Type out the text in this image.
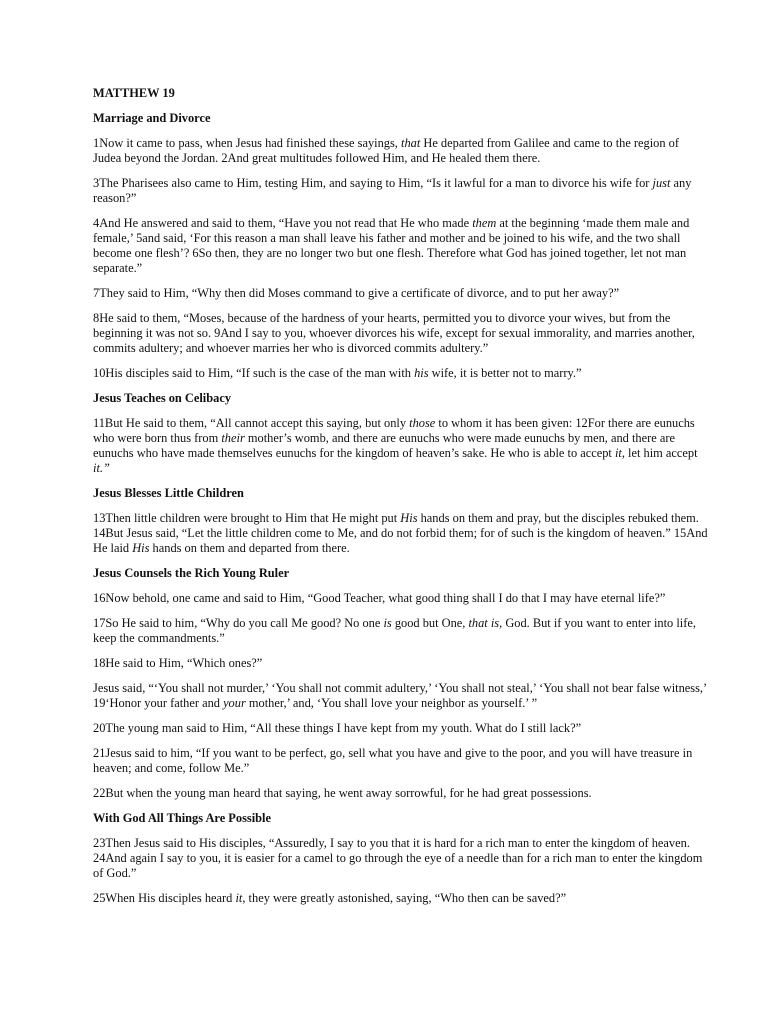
MATTHEW 19
Marriage and Divorce

1Now it came to pass, when Jesus had finished these sayings, that He departed from Galilee and came to the region of Judea beyond the Jordan. 2And great multitudes followed Him, and He healed them there.

3The Pharisees also came to Him, testing Him, and saying to Him, “Is it lawful for a man to divorce his wife for just any reason?”

4And He answered and said to them, “Have you not read that He who made them at the beginning ‘made them male and female,’ 5and said, ‘For this reason a man shall leave his father and mother and be joined to his wife, and the two shall become one flesh’? 6So then, they are no longer two but one flesh. Therefore what God has joined together, let not man separate.”

7They said to Him, “Why then did Moses command to give a certificate of divorce, and to put her away?”

8He said to them, “Moses, because of the hardness of your hearts, permitted you to divorce your wives, but from the beginning it was not so. 9And I say to you, whoever divorces his wife, except for sexual immorality, and marries another, commits adultery; and whoever marries her who is divorced commits adultery.”

10His disciples said to Him, “If such is the case of the man with his wife, it is better not to marry.”

Jesus Teaches on Celibacy

11But He said to them, “All cannot accept this saying, but only those to whom it has been given: 12For there are eunuchs who were born thus from their mother’s womb, and there are eunuchs who were made eunuchs by men, and there are eunuchs who have made themselves eunuchs for the kingdom of heaven’s sake. He who is able to accept it, let him accept it.”

Jesus Blesses Little Children

13Then little children were brought to Him that He might put His hands on them and pray, but the disciples rebuked them. 14But Jesus said, “Let the little children come to Me, and do not forbid them; for of such is the kingdom of heaven.” 15And He laid His hands on them and departed from there.

Jesus Counsels the Rich Young Ruler

16Now behold, one came and said to Him, “Good Teacher, what good thing shall I do that I may have eternal life?”

17So He said to him, “Why do you call Me good? No one is good but One, that is, God. But if you want to enter into life, keep the commandments.”

18He said to Him, “Which ones?”

Jesus said, “‘You shall not murder,’ ‘You shall not commit adultery,’ ‘You shall not steal,’ ‘You shall not bear false witness,’ 19‘Honor your father and your mother,’ and, ‘You shall love your neighbor as yourself.’ ”

20The young man said to Him, “All these things I have kept from my youth. What do I still lack?”

21Jesus said to him, “If you want to be perfect, go, sell what you have and give to the poor, and you will have treasure in heaven; and come, follow Me.”

22But when the young man heard that saying, he went away sorrowful, for he had great possessions.

With God All Things Are Possible

23Then Jesus said to His disciples, “Assuredly, I say to you that it is hard for a rich man to enter the kingdom of heaven. 24And again I say to you, it is easier for a camel to go through the eye of a needle than for a rich man to enter the kingdom of God.”

25When His disciples heard it, they were greatly astonished, saying, “Who then can be saved?”
